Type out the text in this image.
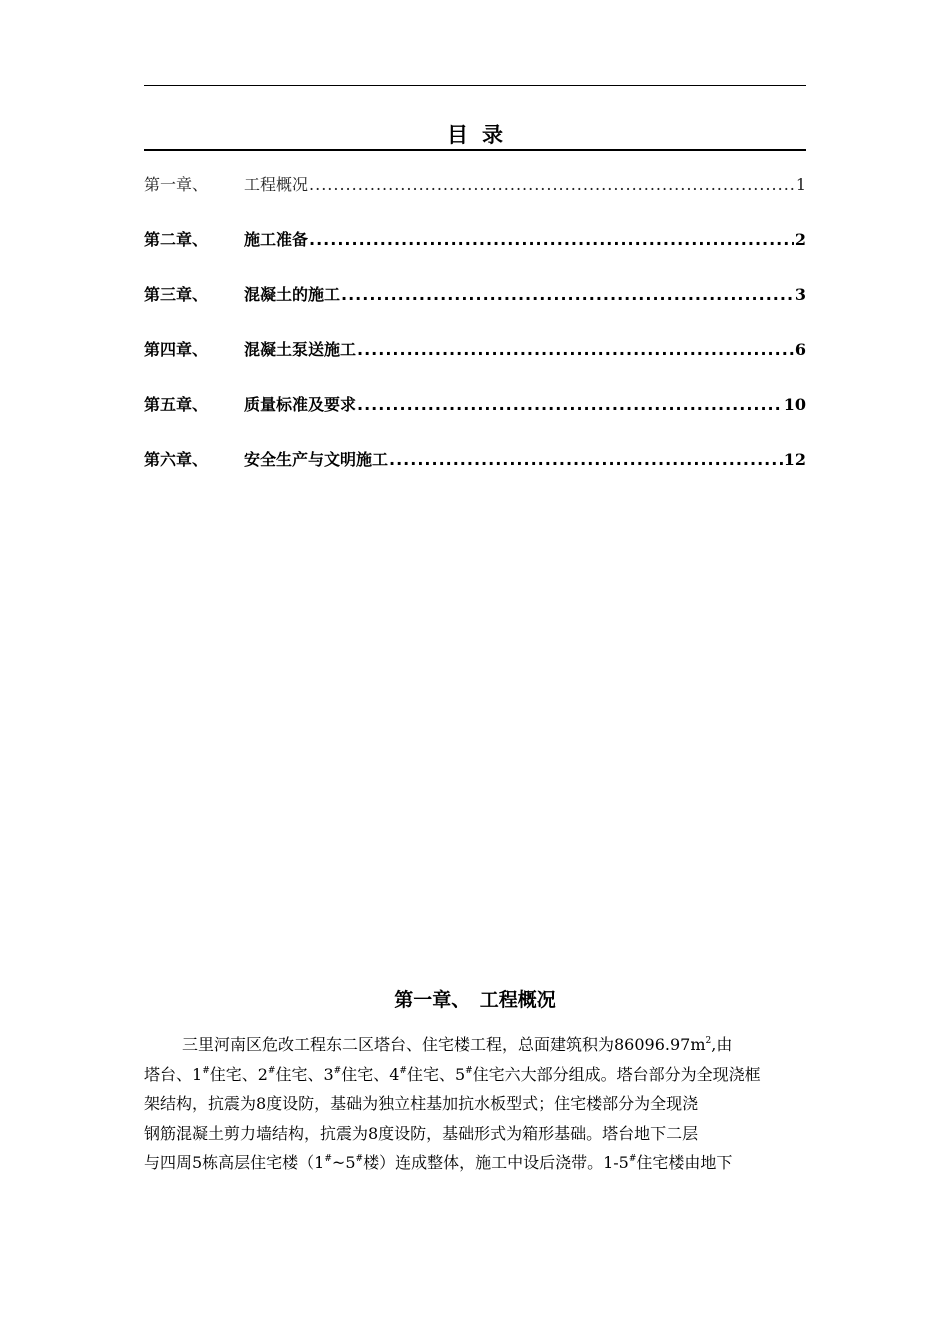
目录
第一章、	工程概况 .....	1
第二章、	施工准备 .....	2
第三章、	混凝土的施工 .....	3
第四章、	混凝土泵送施工 .....	6
第五章、	质量标准及要求 .....	10
第六章、	安全生产与文明施工 .....	12
第一章、　工程概况
三里河南区危改工程东二区塔台、住宅楼工程，总面建筑积为$86096.97m^2$,由
塔台、1#住宅、2#住宅、3#住宅、4#住宅、5#住宅六大部分组成。塔台部分为全现浇框
架结构，抗震为8度设防，基础为独立柱基加抗水板型式；住宅楼部分为全现浇
钢筋混凝土剪力墙结构，抗震为8度设防，基础形式为箱形基础。塔台地下二层
与四周5栋高层住宅楼（1#~5#楼）连成整体，施工中设后浇带。1-5#住宅楼由地下
